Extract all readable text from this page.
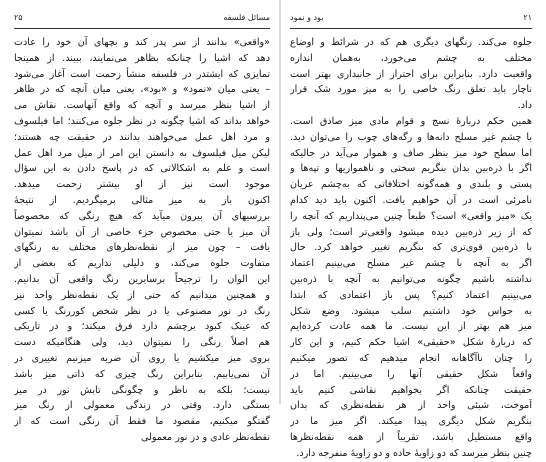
۲۵	مسائل فلسفه

«واقعی» بدانند از سر پدر کند و بچهای آن خود را عادت

دهد که اشیا را چنانکه بظاهر می‌نمایند، ببیند. از همینجا

تمایزی که ایشتدر در فلسفه منشأ زحمت است آغاز می‌شود

– یعنی میان «نمود» و «بود»، یعنی میان آنچه که در ظاهر

از اشیا بنظر میرسد و آنچه که واقع آنهاست. نقاش می‌

خواهد بداند که اشیا چگونه در نظر جلوه می‌کنند؛ اما فیلسوف

و مرد اهل عمل می‌خواهند بدانند در حقیقت چه هستند؛

لیکن میل فیلسوف به دانستن این امر از میل مرد اهل عمل

است و علم به اشکالاتی که در پاسخ دادن به این سؤال

موجود است نیز از او بیشتر زحمت میدهد.

اکنون باز به میز مثالی برمیگردیم. از نتیجهٔ

بررسیهای آن بیرون میآید که هیچ رنگی که مخصوصاً

آن میز یا حتی مخصوص جزء خاصی از آن باشد نمیتوان

یافت – چون میز از نقطه‌نظرهای مختلف به رنگهای

متفاوت جلوه می‌کند، و دلیلی نداریم که بعضی از

این الوان را ترجیحاً برسایرین رنگ واقعی آن بدانیم.

و همچنین میدانیم که حتی از یک نقطه‌نظر واحد نیز

رنگ در نور مصنوعی یا در نظر شخص کوررنگ یا کسی

که عینک کبود برچشم دارد فرق میکند؛ و در تاریکی

هم اصلاً رنگی را نمیتوان دید، ولی هنگامیکه دست

بروی میز میکشیم یا روی آن ضربه میزنیم تغییری در

آن نمی‌یابیم. بنابراین رنگ چیزی که ذاتی میز باشد

نیست؛ بلکه به ناظر و چگونگی تابش نور در میز

بستگی دارد. وقتی در زندگی معمولی از رنگ میز

گفتگو میکنیم، مقصود ما فقط آن رنگی است که از

نقطه‌نظر عادی و در نور معمولی

بود و نمود	۲۱

جلوه می‌کند. رنگهای دیگری هم که در شرائط و اوضاع

مختلف به چشم می‌خورد، به‌همان اندازه

واقعیت دارد. بنابراین برای احتراز از جانبداری بهتر است

ناچار باید تعلق رنگ خاصی را به میز مورد شک قرار

داد.

همین حکم دربارهٔ نسج و قوام مادی میز صادق است.

با چشم غیر مسلح دانه‌ها و رگه‌های چوب را می‌توان دید.

اما سطح خود میز بنظر صاف و هموار می‌آید در حالیکه

اگر با ذره‌بین بدان بنگریم سختی و ناهمواریها و تپه‌ها و

پستی و بلندی و همه‌گونه اختلافاتی که به‌چشم عریان

نامرئی است در آن خواهیم یافت. اکنون باید دید کدام‌

یک «میز واقعی» است؟ طبعاً چنین می‌پنداریم که آنچه را

که از زیر ذره‌بین دیده میشود واقعی‌تر است؛ ولی باز

با ذره‌بین قوی‌تری که بنگریم تغییر خواهد کرد. حال

اگر به آنچه با چشم غیر مسلح می‌بینیم اعتماد

نداشته باشیم چگونه می‌توانیم به آنچه با ذره‌بین

می‌بینیم اعتماد کنیم؟ پس باز اعتمادی که ابتدا

به حواس خود داشتیم سلب میشود. وضع شکل

میز هم بهتر از این نیست. ما همه عادت کرده‌ایم

که دربارهٔ شکل «حقیقی» اشیا حکم کنیم، و این کار

را چنان ناآگاهانه انجام میدهیم که تصور میکنیم

واقعاً شکل حقیقی آنها را می‌بینیم. اما در

حقیقت چنانکه اگر بخواهیم نقاشی کنیم باید

آموخت، شیئی واحد از هر نقطه‌نظری که بدان

بنگریم شکل دیگری پیدا میکند. اگر میز ما در

واقع مستطیل باشد، تقریباً از همه نقطه‌نظرها

چنین بنظر میرسد که دو زاویهٔ حاده و دو زاویهٔ منفرجه دارد.
